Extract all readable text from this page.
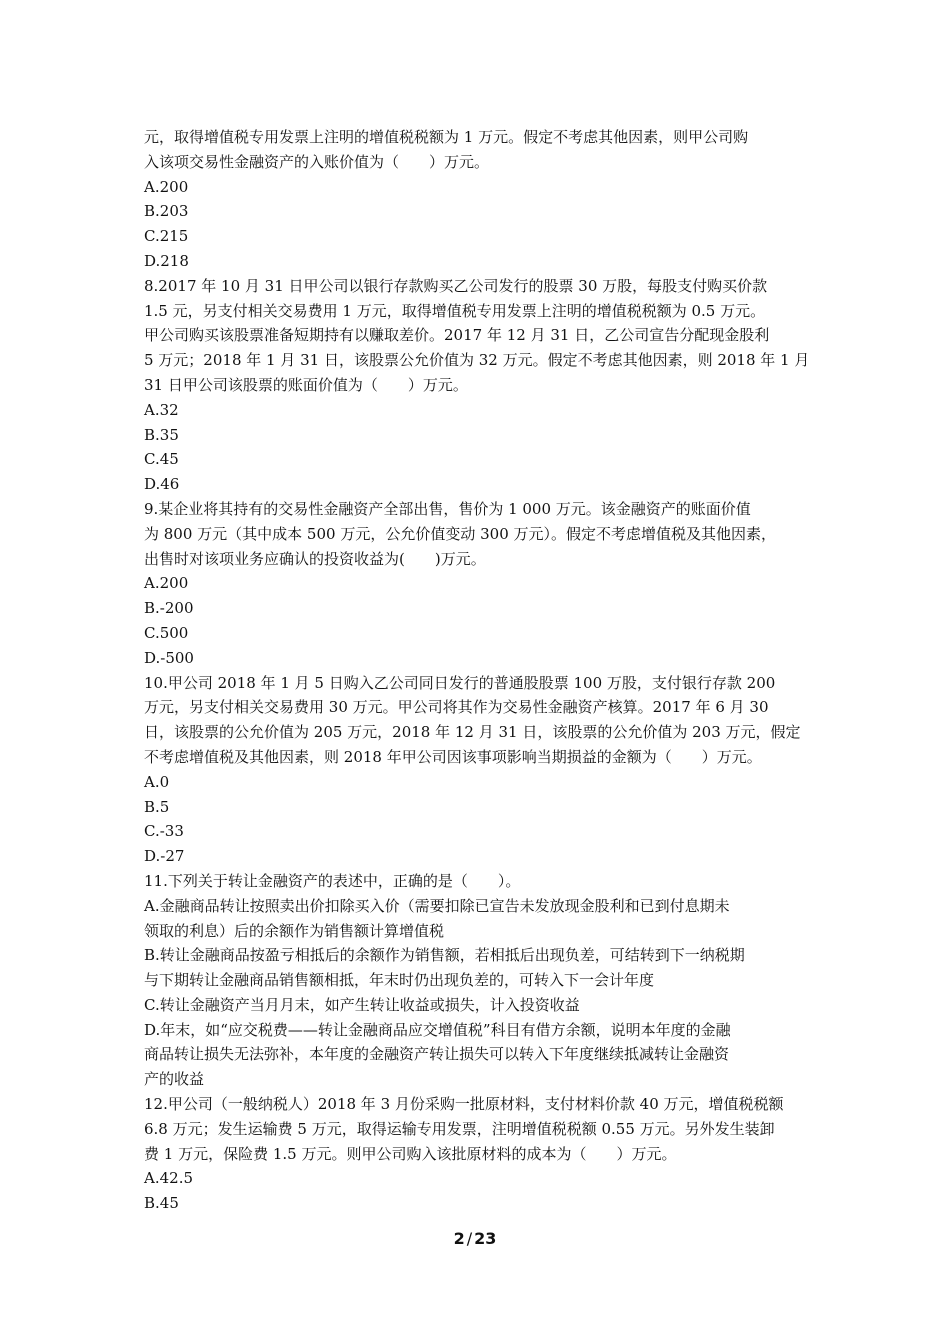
元，取得增值税专用发票上注明的增值税税额为 1 万元。假定不考虑其他因素，则甲公司购
入该项交易性金融资产的入账价值为（　　）万元。
A.200
B.203
C.215
D.218
8.2017 年 10 月 31 日甲公司以银行存款购买乙公司发行的股票 30 万股，每股支付购买价款
1.5 元，另支付相关交易费用 1 万元，取得增值税专用发票上注明的增值税税额为 0.5 万元。
甲公司购买该股票准备短期持有以赚取差价。2017 年 12 月 31 日，乙公司宣告分配现金股利
5 万元；2018 年 1 月 31 日，该股票公允价值为 32 万元。假定不考虑其他因素，则 2018 年 1 月
31 日甲公司该股票的账面价值为（　　）万元。
A.32
B.35
C.45
D.46
9.某企业将其持有的交易性金融资产全部出售，售价为 1 000 万元。该金融资产的账面价值
为 800 万元（其中成本 500 万元，公允价值变动 300 万元）。假定不考虑增值税及其他因素，
出售时对该项业务应确认的投资收益为(　　)万元。
A.200
B.-200
C.500
D.-500
10.甲公司 2018 年 1 月 5 日购入乙公司同日发行的普通股股票 100 万股，支付银行存款 200
万元，另支付相关交易费用 30 万元。甲公司将其作为交易性金融资产核算。2017 年 6 月 30
日，该股票的公允价值为 205 万元，2018 年 12 月 31 日，该股票的公允价值为 203 万元，假定
不考虑增值税及其他因素，则 2018 年甲公司因该事项影响当期损益的金额为（　　）万元。
A.0
B.5
C.-33
D.-27
11.下列关于转让金融资产的表述中，正确的是（　　）。
A.金融商品转让按照卖出价扣除买入价（需要扣除已宣告未发放现金股利和已到付息期未
领取的利息）后的余额作为销售额计算增值税
B.转让金融商品按盈亏相抵后的余额作为销售额，若相抵后出现负差，可结转到下一纳税期
与下期转让金融商品销售额相抵，年末时仍出现负差的，可转入下一会计年度
C.转让金融资产当月月末，如产生转让收益或损失，计入投资收益
D.年末，如“应交税费——转让金融商品应交增值税”科目有借方余额，说明本年度的金融
商品转让损失无法弥补，本年度的金融资产转让损失可以转入下年度继续抵减转让金融资
产的收益
12.甲公司（一般纳税人）2018 年 3 月份采购一批原材料，支付材料价款 40 万元，增值税税额
6.8 万元；发生运输费 5 万元，取得运输专用发票，注明增值税税额 0.55 万元。另外发生装卸
费 1 万元，保险费 1.5 万元。则甲公司购入该批原材料的成本为（　　）万元。
A.42.5
B.45
2 / 23
